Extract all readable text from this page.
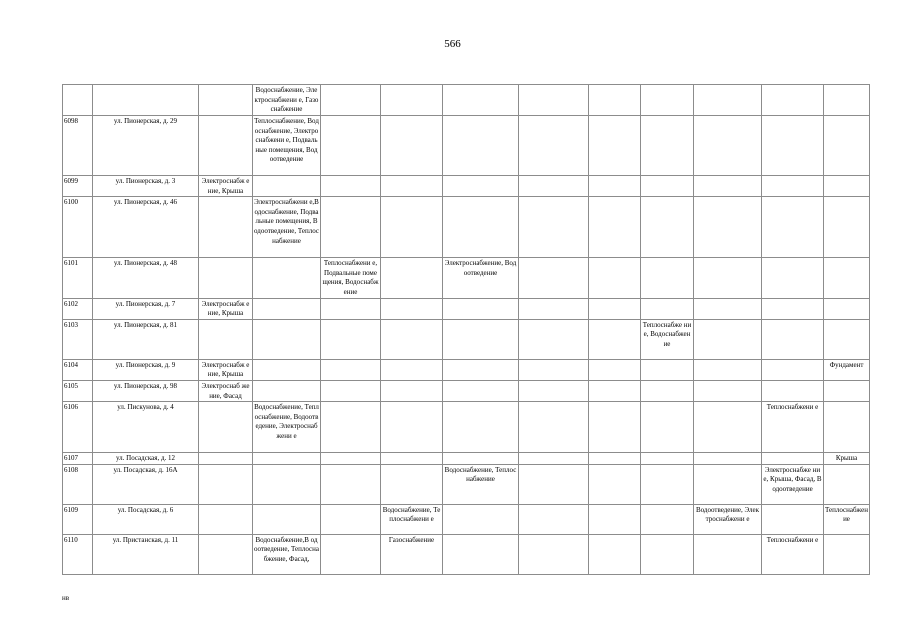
566
			Водоснабжение, Электроснабжени е, Газоснабжение									
6098	ул. Пионерская, д. 29		Теплоснабжение, Водоснабжение, Электроснабжени е, Подвальные помещения, Водоотведение									
6099	ул. Пионерская, д. 3	Электроснабж ение, Крыша										
6100	ул. Пионерская, д. 46		Электроснабжени е,Водоснабжение, Подвальные помещения, Водоотведение, Теплоснабжение									
6101	ул. Пионерская, д. 48			Теплоснабжени е, Подвальные помещения, Водоснабжение		Электроснабжение, Водоотведение						
6102	ул. Пионерская, д. 7	Электроснабж ение, Крыша										
6103	ул. Пионерская, д. 81								Теплоснабже ние, Водоснабжен ие			
6104	ул. Пионерская, д. 9	Электроснабж ение, Крыша										Фундамент
6105	ул. Пионерская, д. 98	Электроснаб жение, Фасад										
6106	ул. Пискунова, д. 4		Водоснабжение, Теплоснабжение, Водоотведение, Электроснабжени е								Теплоснабжени е	
6107	ул. Посадская, д. 12											Крыша
6108	ул. Посадская, д. 16А					Водоснабжение, Теплоснабжение					Электроснабже ние, Крыша, Фасад, Водоотведение	
6109	ул. Посадская, д. 6				Водоснабжение, Теплоснабжени е					Водоотведение, Электроснабжени е		Теплоснабжение
6110	ул. Пристанская, д. 11		Водоснабжение,В одоотведение, Теплоснабжение, Фасад,		Газоснабжение						Теплоснабжени е	
нв
